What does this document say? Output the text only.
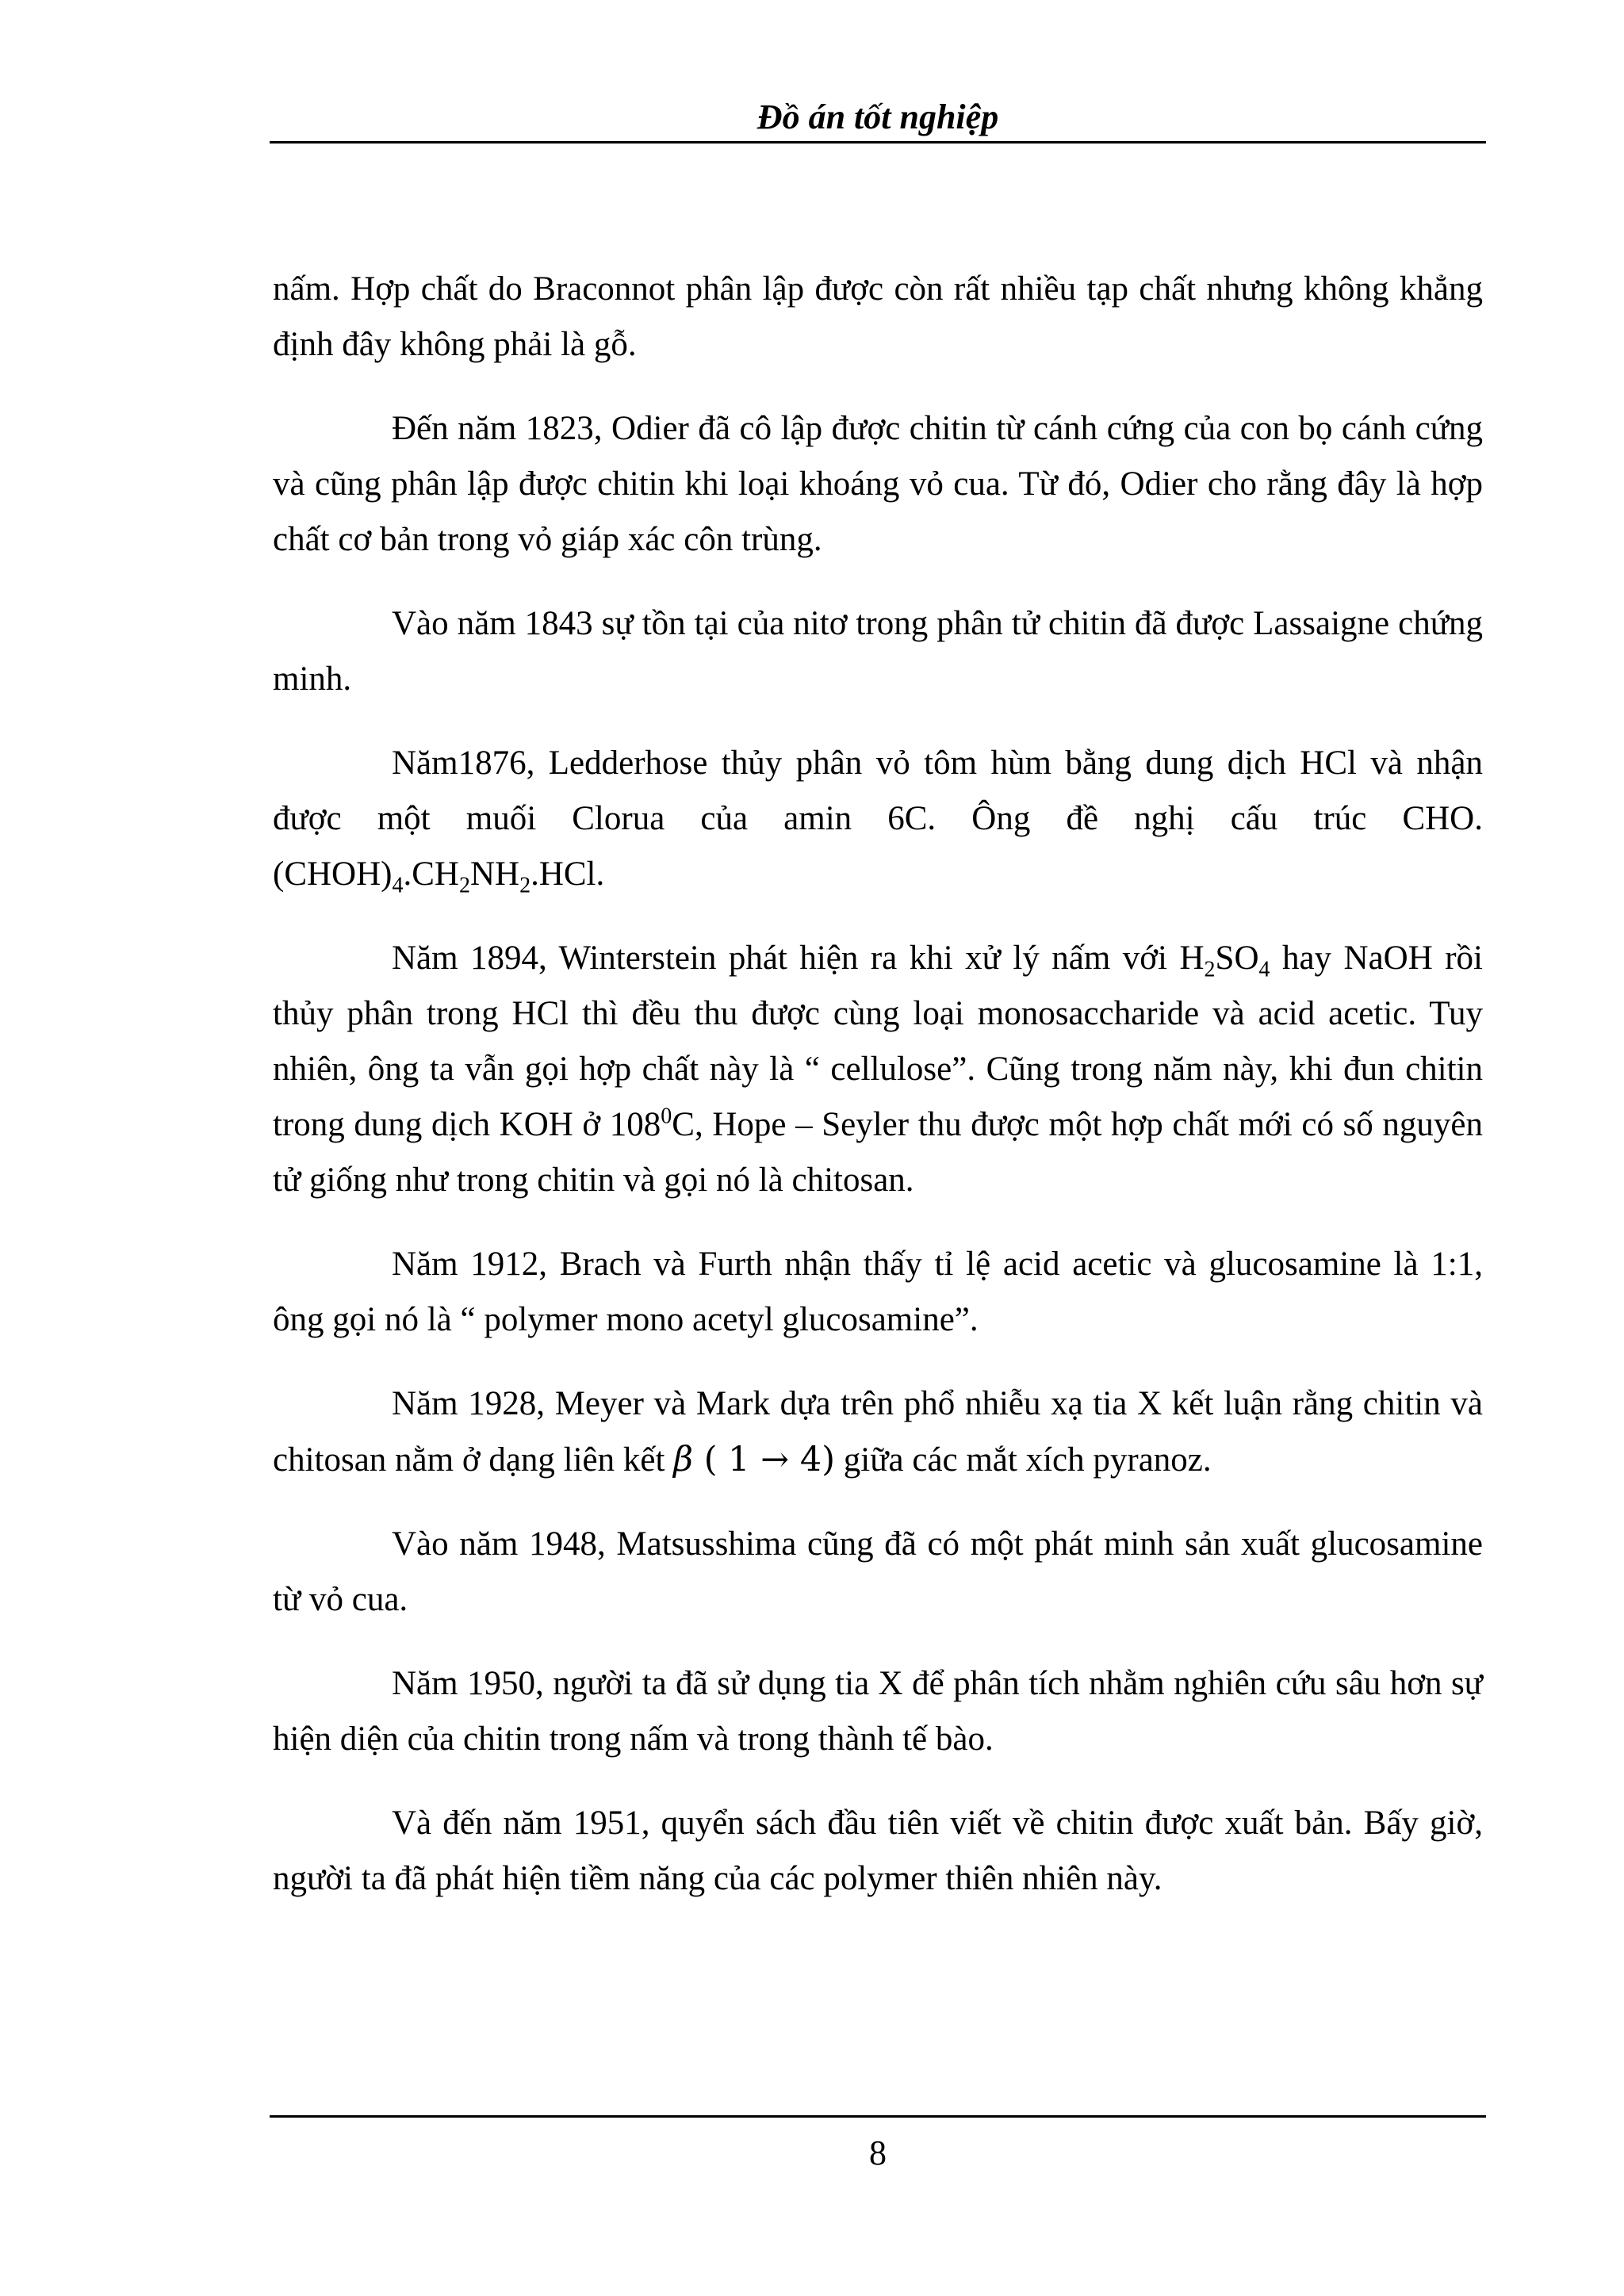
Đồ án tốt nghiệp

nấm. Hợp chất do Braconnot phân lập được còn rất nhiều tạp chất nhưng không khẳng định đây không phải là gỗ.

Đến năm 1823, Odier đã cô lập được chitin từ cánh cứng của con bọ cánh cứng và cũng phân lập được chitin khi loại khoáng vỏ cua. Từ đó, Odier cho rằng đây là hợp chất cơ bản trong vỏ giáp xác côn trùng.

Vào năm 1843 sự tồn tại của nitơ trong phân tử chitin đã được Lassaigne chứng minh.

Năm1876, Ledderhose thủy phân vỏ tôm hùm bằng dung dịch HCl và nhận được một muối Clorua của amin 6C. Ông đề nghị cấu trúc $CHO.(CHOH)_4.CH_2NH_2.HCl$.

Năm 1894, Winterstein phát hiện ra khi xử lý nấm với $H_2SO_4$ hay NaOH rồi thủy phân trong HCl thì đều thu được cùng loại monosaccharide và acid acetic. Tuy nhiên, ông ta vẫn gọi hợp chất này là “ cellulose”. Cũng trong năm này, khi đun chitin trong dung dịch KOH ở $108^0C$, Hope – Seyler thu được một hợp chất mới có số nguyên tử giống như trong chitin và gọi nó là chitosan.

Năm 1912, Brach và Furth nhận thấy tỉ lệ acid acetic và glucosamine là 1:1, ông gọi nó là “ polymer mono acetyl glucosamine”.

Năm 1928, Meyer và Mark dựa trên phổ nhiễu xạ tia X kết luận rằng chitin và chitosan nằm ở dạng liên kết β ( 1 → 4) giữa các mắt xích pyranoz.

Vào năm 1948, Matsusshima cũng đã có một phát minh sản xuất glucosamine từ vỏ cua.

Năm 1950, người ta đã sử dụng tia X để phân tích nhằm nghiên cứu sâu hơn sự hiện diện của chitin trong nấm và trong thành tế bào.

Và đến năm 1951, quyển sách đầu tiên viết về chitin được xuất bản. Bấy giờ, người ta đã phát hiện tiềm năng của các polymer thiên nhiên này.

8
